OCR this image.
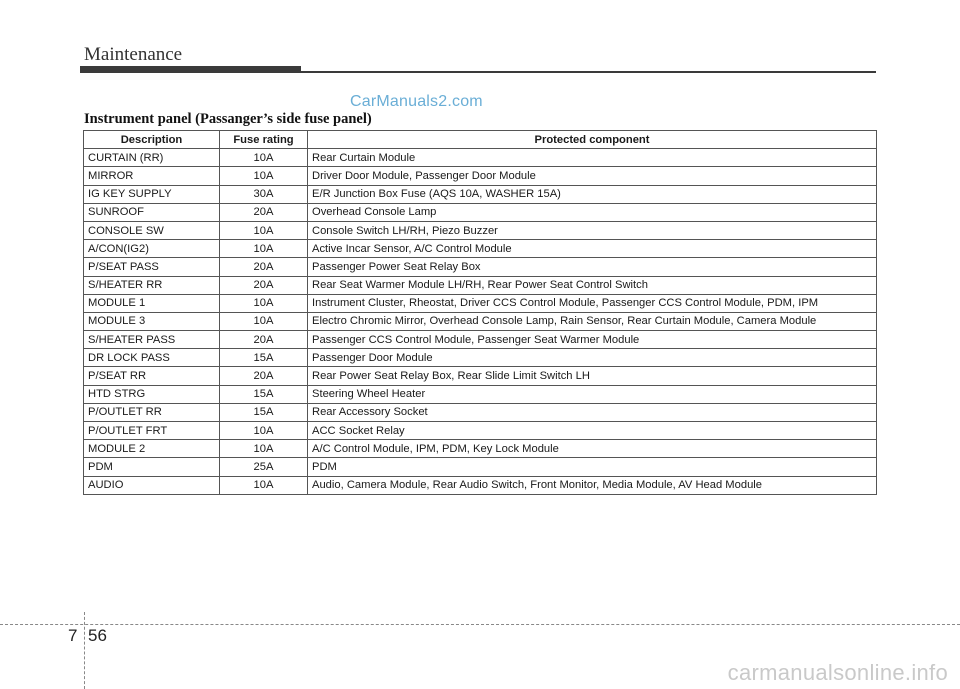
Maintenance
CarManuals2.com
Instrument panel (Passanger’s side fuse panel)
Description	Fuse rating	Protected component
CURTAIN (RR)	10A	Rear Curtain Module
MIRROR	10A	Driver Door Module, Passenger Door Module
IG KEY SUPPLY	30A	E/R Junction Box Fuse (AQS 10A, WASHER 15A)
SUNROOF	20A	Overhead Console Lamp
CONSOLE SW	10A	Console Switch LH/RH, Piezo Buzzer
A/CON(IG2)	10A	Active Incar Sensor, A/C Control Module
P/SEAT PASS	20A	Passenger Power Seat Relay Box
S/HEATER RR	20A	Rear Seat Warmer Module LH/RH, Rear Power Seat Control Switch
MODULE 1	10A	Instrument Cluster, Rheostat, Driver CCS Control Module, Passenger CCS Control Module, PDM, IPM
MODULE 3	10A	Electro Chromic Mirror, Overhead Console Lamp, Rain Sensor, Rear Curtain Module, Camera Module
S/HEATER PASS	20A	Passenger CCS Control Module, Passenger Seat Warmer Module
DR LOCK PASS	15A	Passenger Door Module
P/SEAT RR	20A	Rear Power Seat Relay Box, Rear Slide Limit Switch LH
HTD STRG	15A	Steering Wheel Heater
P/OUTLET RR	15A	Rear Accessory Socket
P/OUTLET FRT	10A	ACC Socket Relay
MODULE 2	10A	A/C Control Module, IPM, PDM, Key Lock Module
PDM	25A	PDM
AUDIO	10A	Audio, Camera Module, Rear Audio Switch, Front Monitor, Media Module, AV Head Module
7 56
carmanualsonline.info
